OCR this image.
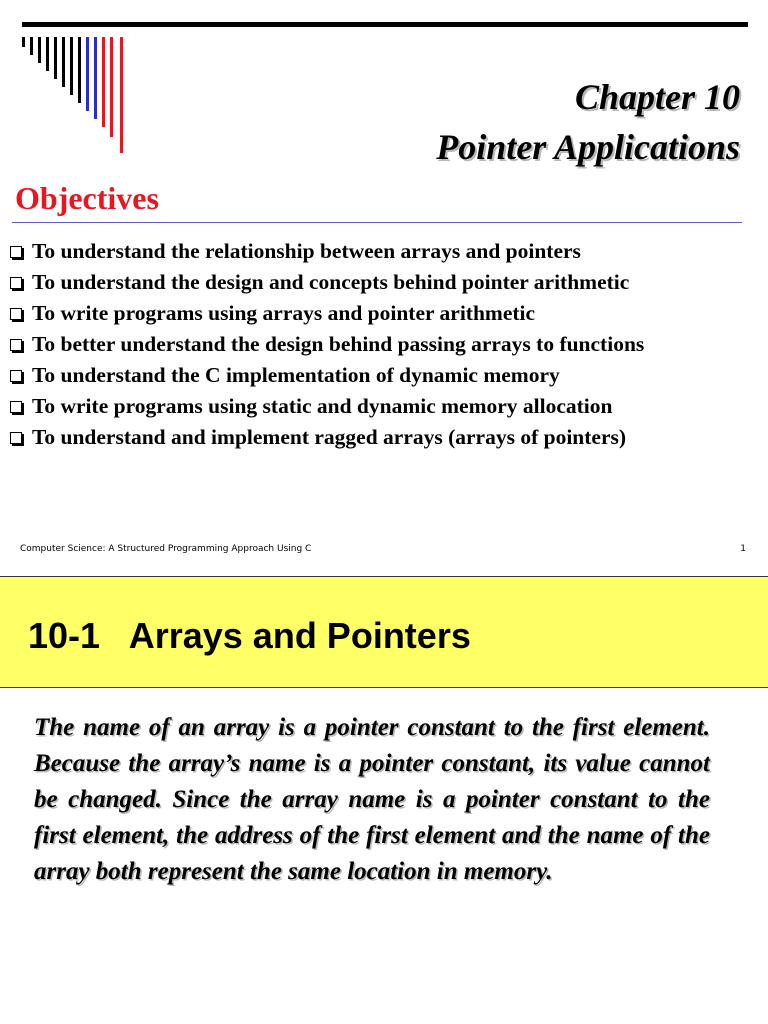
Chapter 10
Pointer Applications
Objectives
To understand the relationship between arrays and pointers
To understand the design and concepts behind pointer arithmetic
To write programs using arrays and pointer arithmetic
To better understand the design behind passing arrays to functions
To understand the C implementation of dynamic memory
To write programs using static and dynamic memory allocation
To understand and implement ragged arrays (arrays of pointers)
Computer Science: A Structured Programming Approach Using C	1
10-1   Arrays and Pointers

The name of an array is a pointer constant to the first element. Because the array’s name is a pointer constant, its value cannot be changed. Since the array name is a pointer constant to the first element, the address of the first element and the name of the array both represent the same location in memory.
